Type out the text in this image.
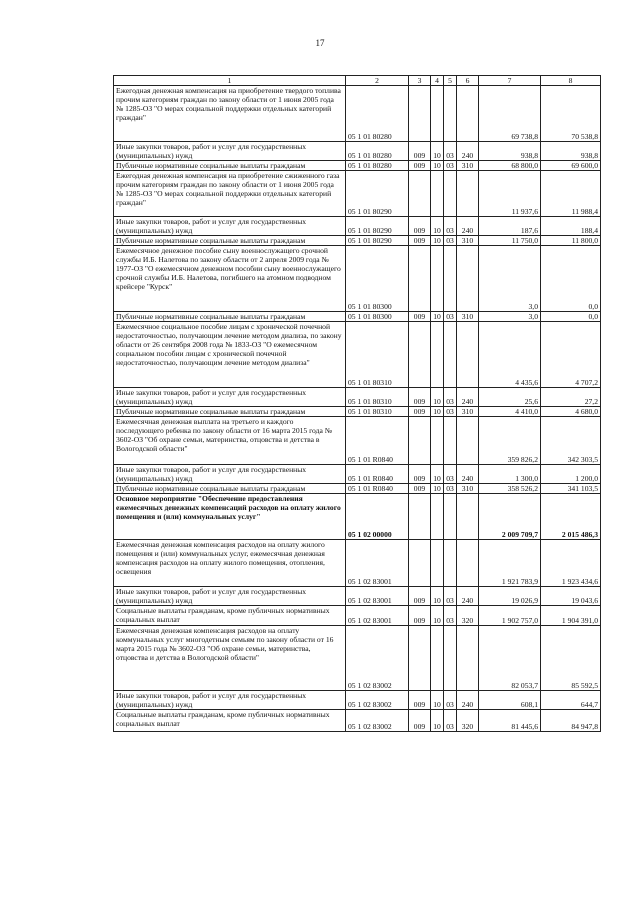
17
1	2	3	4	5	6	7	8
Ежегодная денежная компенсация на приобретение твердого топлива прочим категориям граждан по закону области от 1 июня 2005 года № 1285-ОЗ "О мерах социальной поддержки отдельных категорий граждан"	05 1 01 80280					69 738,8	70 538,8
Иные закупки товаров, работ и услуг для государственных (муниципальных) нужд	05 1 01 80280	009	10	03	240	938,8	938,8
Публичные нормативные социальные выплаты гражданам	05 1 01 80280	009	10	03	310	68 800,0	69 600,0
Ежегодная денежная компенсация на приобретение сжиженного газа прочим категориям граждан по закону области от 1 июня 2005 года № 1285-ОЗ "О мерах социальной поддержки отдельных категорий граждан"	05 1 01 80290					11 937,6	11 988,4
Иные закупки товаров, работ и услуг для государственных (муниципальных) нужд	05 1 01 80290	009	10	03	240	187,6	188,4
Публичные нормативные социальные выплаты гражданам	05 1 01 80290	009	10	03	310	11 750,0	11 800,0
Ежемесячное денежное пособие сыну военнослужащего срочной службы И.Б. Налетова по закону области от 2 апреля 2009 года № 1977-ОЗ "О ежемесячном денежном пособии сыну военнослужащего срочной службы И.Б. Налетова, погибшего на атомном подводном крейсере "Курск"	05 1 01 80300					3,0	0,0
Публичные нормативные социальные выплаты гражданам	05 1 01 80300	009	10	03	310	3,0	0,0
Ежемесячное социальное пособие лицам с хронической почечной недостаточностью, получающим лечение методом диализа, по закону области от 26 сентября 2008 года № 1833-ОЗ "О ежемесячном социальном пособии лицам с хронической почечной недостаточностью, получающим лечение методом диализа"	05 1 01 80310					4 435,6	4 707,2
Иные закупки товаров, работ и услуг для государственных (муниципальных) нужд	05 1 01 80310	009	10	03	240	25,6	27,2
Публичные нормативные социальные выплаты гражданам	05 1 01 80310	009	10	03	310	4 410,0	4 680,0
Ежемесячная денежная выплата на третьего и каждого последующего ребенка по закону области от 16 марта 2015 года № 3602-ОЗ "Об охране семьи, материнства, отцовства и детства в Вологодской области"	05 1 01 R0840					359 826,2	342 303,5
Иные закупки товаров, работ и услуг для государственных (муниципальных) нужд	05 1 01 R0840	009	10	03	240	1 300,0	1 200,0
Публичные нормативные социальные выплаты гражданам	05 1 01 R0840	009	10	03	310	358 526,2	341 103,5
Основное мероприятие "Обеспечение предоставления ежемесячных денежных компенсаций расходов на оплату жилого помещения и (или) коммунальных услуг"	05 1 02 00000					2 009 709,7	2 015 486,3
Ежемесячная денежная компенсация расходов на оплату жилого помещения и (или) коммунальных услуг, ежемесячная денежная компенсация расходов на оплату жилого помещения, отопления, освещения	05 1 02 83001					1 921 783,9	1 923 434,6
Иные закупки товаров, работ и услуг для государственных (муниципальных) нужд	05 1 02 83001	009	10	03	240	19 026,9	19 043,6
Социальные выплаты гражданам, кроме публичных нормативных социальных выплат	05 1 02 83001	009	10	03	320	1 902 757,0	1 904 391,0
Ежемесячная денежная компенсация расходов на оплату коммунальных услуг многодетным семьям по закону области от 16 марта 2015 года № 3602-ОЗ "Об охране семьи, материнства, отцовства и детства в Вологодской области"	05 1 02 83002					82 053,7	85 592,5
Иные закупки товаров, работ и услуг для государственных (муниципальных) нужд	05 1 02 83002	009	10	03	240	608,1	644,7
Социальные выплаты гражданам, кроме публичных нормативных социальных выплат	05 1 02 83002	009	10	03	320	81 445,6	84 947,8
